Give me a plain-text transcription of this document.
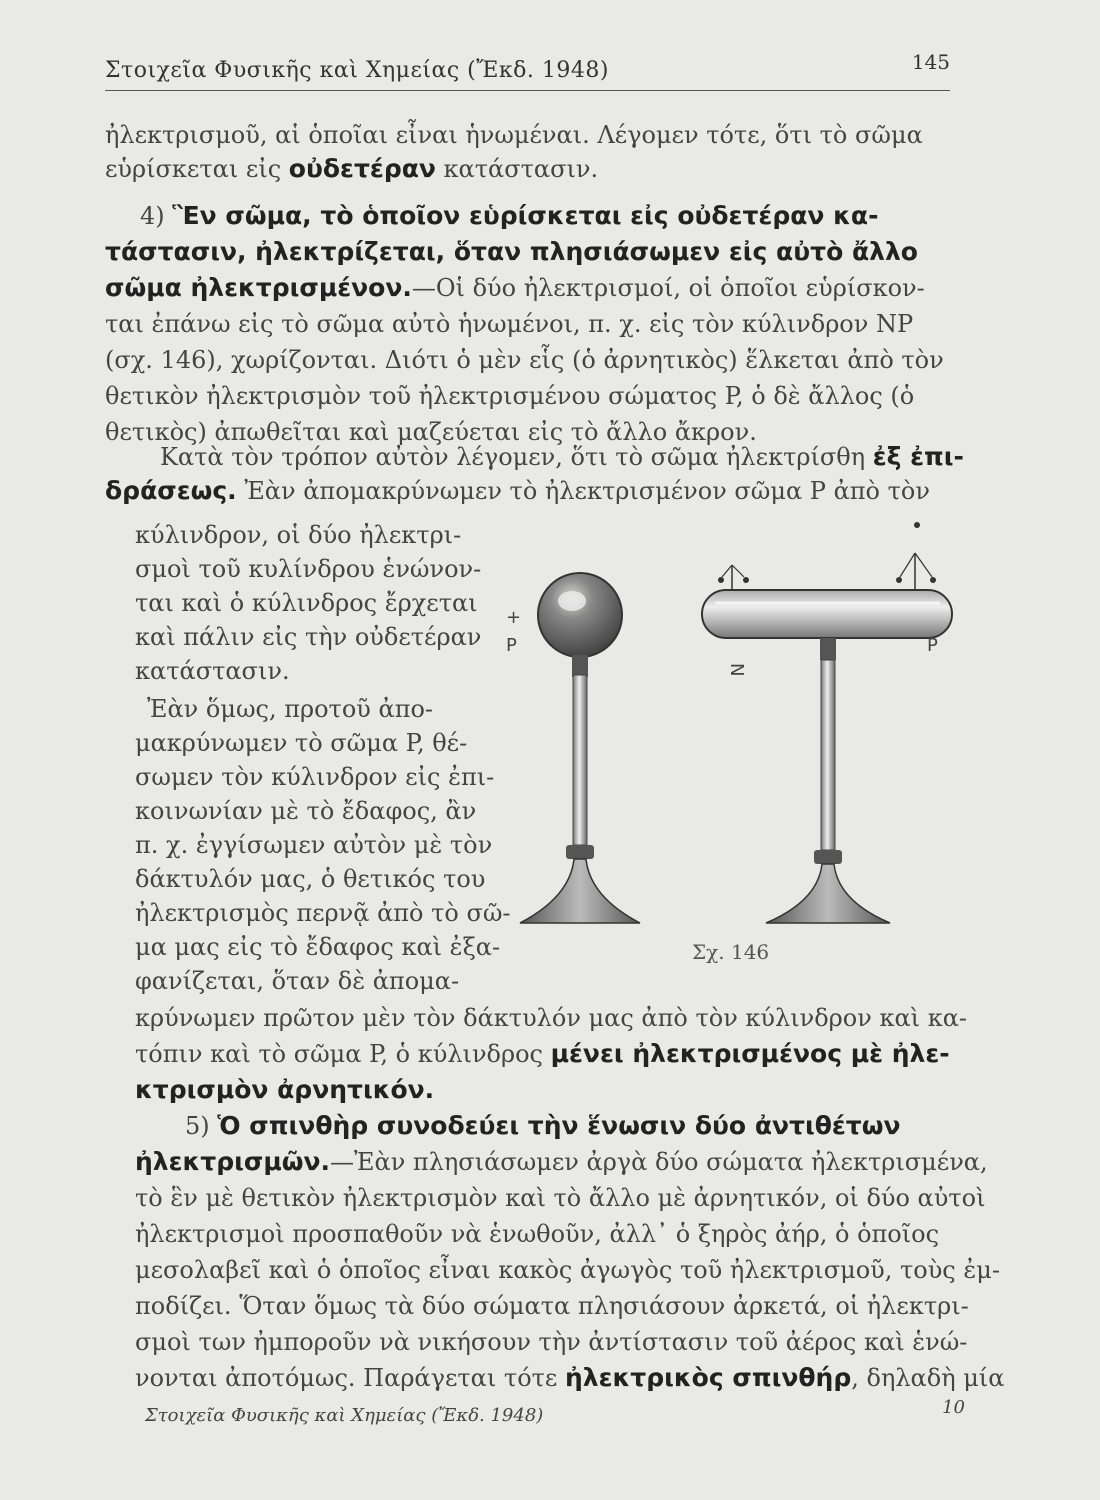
Στοιχεῖα Φυσικῆς καὶ Χημείας (Ἔκδ. 1948)	145
ἠλεκτρισμοῦ, αἱ ὁποῖαι εἶναι ἡνωμέναι. Λέγομεν τότε, ὅτι τὸ σῶμα
εὑρίσκεται εἰς οὐδετέραν κατάστασιν.
4) Ἓν σῶμα, τὸ ὁποῖον εὑρίσκεται εἰς οὐδετέραν κα-
τάστασιν, ἠλεκτρίζεται, ὅταν πλησιάσωμεν εἰς αὐτὸ ἄλλο
σῶμα ἠλεκτρισμένον.—Οἱ δύο ἠλεκτρισμοί, οἱ ὁποῖοι εὑρίσκον-
ται ἐπάνω εἰς τὸ σῶμα αὐτὸ ἡνωμένοι, π. χ. εἰς τὸν κύλινδρον NP
(σχ. 146), χωρίζονται. Διότι ὁ μὲν εἷς (ὁ ἀρνητικὸς) ἕλκεται ἀπὸ τὸν
θετικὸν ἠλεκτρισμὸν τοῦ ἠλεκτρισμένου σώματος P, ὁ δὲ ἄλλος (ὁ
θετικὸς) ἀπωθεῖται καὶ μαζεύεται εἰς τὸ ἄλλο ἄκρον.
Κατὰ τὸν τρόπον αὐτὸν λέγομεν, ὅτι τὸ σῶμα ἠλεκτρίσθη ἐξ ἐπι-
δράσεως. Ἐὰν ἀπομακρύνωμεν τὸ ἠλεκτρισμένον σῶμα P ἀπὸ τὸν
κύλινδρον, οἱ δύο ἠλεκτρι-
σμοὶ τοῦ κυλίνδρου ἑνώνον-
ται καὶ ὁ κύλινδρος ἔρχεται
καὶ πάλιν εἰς τὴν οὐδετέραν
κατάστασιν.
Ἐὰν ὅμως, προτοῦ ἀπο-
μακρύνωμεν τὸ σῶμα P, θέ-
σωμεν τὸν κύλινδρον εἰς ἐπι-
κοινωνίαν μὲ τὸ ἔδαφος, ἂν
π. χ. ἐγγίσωμεν αὐτὸν μὲ τὸν
δάκτυλόν μας, ὁ θετικός του
ἠλεκτρισμὸς περνᾷ ἀπὸ τὸ σῶ-
μα μας εἰς τὸ ἔδαφος καὶ ἐξα-
φανίζεται, ὅταν δὲ ἀπομα-
κρύνωμεν πρῶτον μὲν τὸν δάκτυλόν μας ἀπὸ τὸν κύλινδρον καὶ κα-
τόπιν καὶ τὸ σῶμα P, ὁ κύλινδρος μένει ἠλεκτρισμένος μὲ ἠλε-
κτρισμὸν ἀρνητικόν.
5) Ὁ σπινθὴρ συνοδεύει τὴν ἕνωσιν δύο ἀντιθέτων
ἠλεκτρισμῶν.—Ἐὰν πλησιάσωμεν ἀργὰ δύο σώματα ἠλεκτρισμένα,
τὸ ἓν μὲ θετικὸν ἠλεκτρισμὸν καὶ τὸ ἄλλο μὲ ἀρνητικόν, οἱ δύο αὐτοὶ
ἠλεκτρισμοὶ προσπαθοῦν νὰ ἑνωθοῦν, ἀλλ᾽ ὁ ξηρὸς ἀήρ, ὁ ὁποῖος
μεσολαβεῖ καὶ ὁ ὁποῖος εἶναι κακὸς ἀγωγὸς τοῦ ἠλεκτρισμοῦ, τοὺς ἐμ-
ποδίζει. Ὅταν ὅμως τὰ δύο σώματα πλησιάσουν ἀρκετά, οἱ ἠλεκτρι-
σμοὶ των ἠμποροῦν νὰ νικήσουν τὴν ἀντίστασιν τοῦ ἀέρος καὶ ἑνώ-
νονται ἀποτόμως. Παράγεται τότε ἠλεκτρικὸς σπινθήρ, δηλαδὴ μία
+
P
N
P
Σχ. 146
Στοιχεῖα Φυσικῆς καὶ Χημείας (Ἔκδ. 1948)	10
